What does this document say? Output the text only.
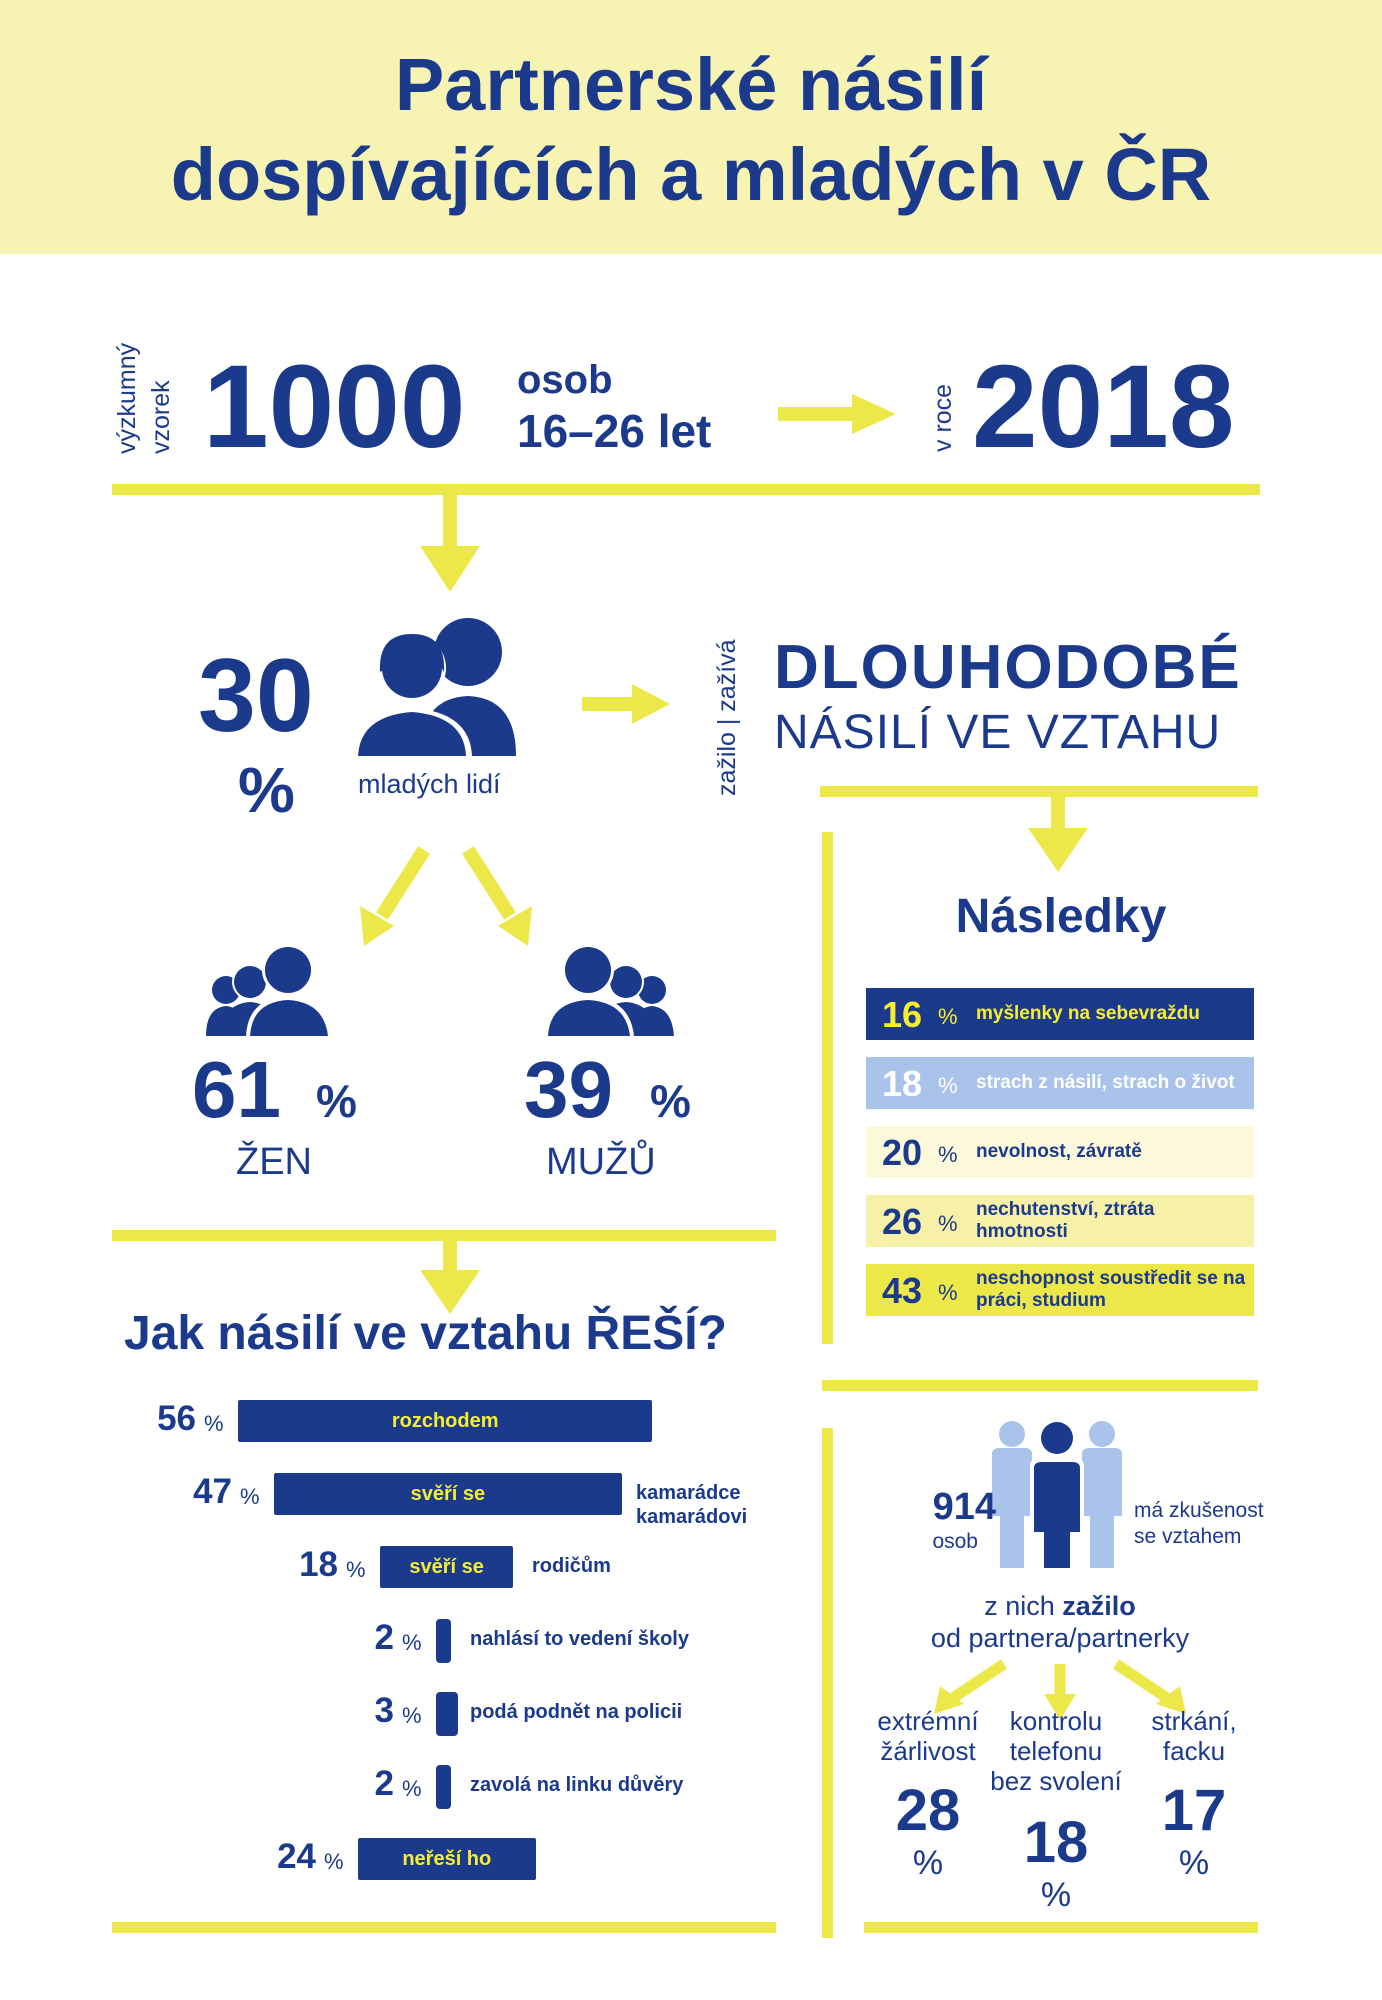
Partnerské násilí
dospívajících a mladých v ČR
výzkumný vzorek 1000 osob
16–26 let	v roce 2018
30
% mladých lidí	zažilo | zažívá DLOUHODOBÉ
NÁSILÍ VE VZTAHU
61 %
ŽEN
39 %
MUŽŮ
Následky
16 % myšlenky na sebevraždu
18 % strach z násilí, strach o život
20 % nevolnost, závratě
26 %
nechutenství, ztráta hmotnosti
43 %
neschopnost soustředit se na práci, studium
Jak násilí ve vztahu ŘEŠÍ?
56 %	rozchodem
47 %	svěří se	kamarádce kamarádovi
18 %	svěří se	rodičům
2 % nahlásí to vedení školy
3 % podá podnět na policii
2 % zavolá na linku důvěry
24 %	neřeší ho
914
osob
má zkušenost
se vztahem
z nich zažilo
od partnera/partnerky
extrémní
žárlivost
28
%
kontrolu
telefonu
bez svolení
18
%
strkání,
facku
17
%
